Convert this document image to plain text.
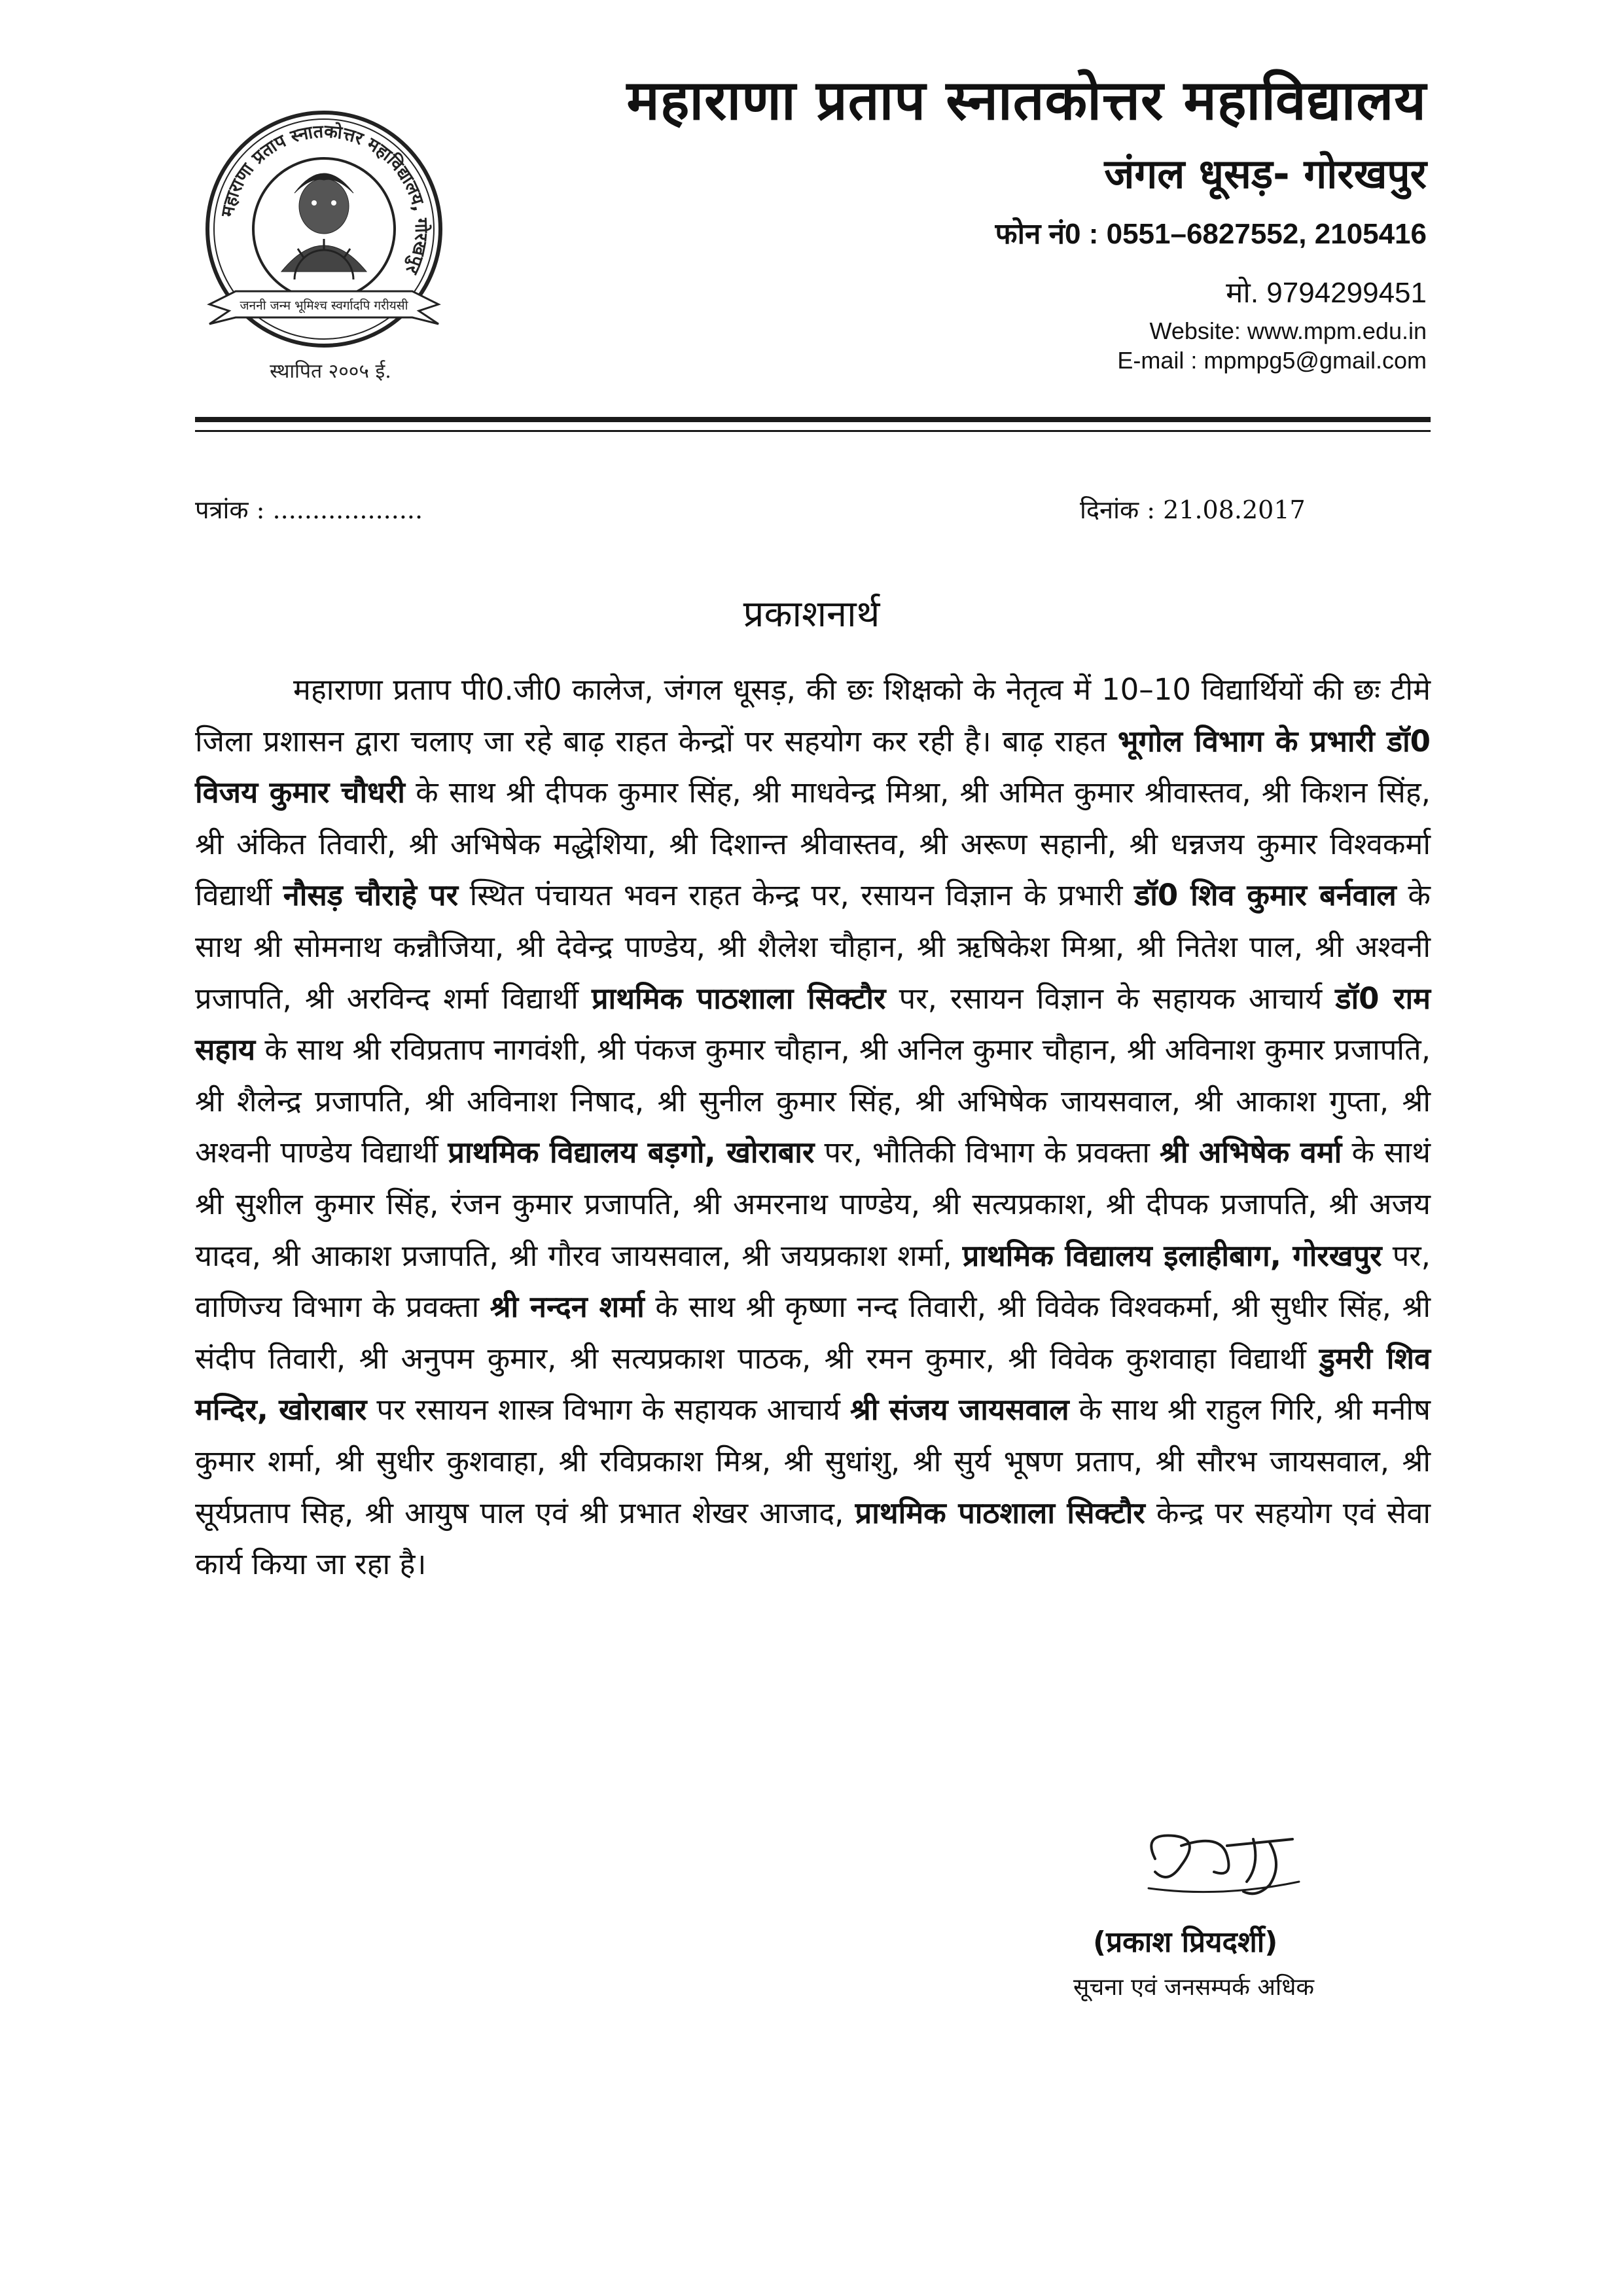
महाराणा प्रताप स्नातकोत्तर महाविद्यालय, गोरखपुर
जननी जन्म भूमिश्च स्वर्गादपि गरीयसी
स्थापित २००५ ई.
महाराणा प्रताप स्नातकोत्तर महाविद्यालय
जंगल धूसड़- गोरखपुर
फोन नं0 : 0551–6827552, 2105416
मो. 9794299451
Website: www.mpm.edu.in
E-mail : mpmpg5@gmail.com
पत्रांक : ...................	दिनांक : 21.08.2017
प्रकाशनार्थ
महाराणा प्रताप पी0.जी0 कालेज, जंगल धूसड़, की छः शिक्षको के नेतृत्व में 10–10 विद्यार्थियों की छः टीमे जिला प्रशासन द्वारा चलाए जा रहे बाढ़ राहत केन्द्रों पर सहयोग कर रही है। बाढ़ राहत भूगोल विभाग के प्रभारी डॉ0 विजय कुमार चौधरी के साथ श्री दीपक कुमार सिंह, श्री माधवेन्द्र मिश्रा, श्री अमित कुमार श्रीवास्तव, श्री किशन सिंह, श्री अंकित तिवारी, श्री अभिषेक मद्धेशिया, श्री दिशान्त श्रीवास्तव, श्री अरूण सहानी, श्री धन्नजय कुमार विश्वकर्मा विद्यार्थी नौसड़ चौराहे पर स्थित पंचायत भवन राहत केन्द्र पर, रसायन विज्ञान के प्रभारी डॉ0 शिव कुमार बर्नवाल के साथ श्री सोमनाथ कन्नौजिया, श्री देवेन्द्र पाण्डेय, श्री शैलेश चौहान, श्री ऋषिकेश मिश्रा, श्री नितेश पाल, श्री अश्वनी प्रजापति, श्री अरविन्द शर्मा विद्यार्थी प्राथमिक पाठशाला सिक्टौर पर, रसायन विज्ञान के सहायक आचार्य डॉ0 राम सहाय के साथ श्री रविप्रताप नागवंशी, श्री पंकज कुमार चौहान, श्री अनिल कुमार चौहान, श्री अविनाश कुमार प्रजापति, श्री शैलेन्द्र प्रजापति, श्री अविनाश निषाद, श्री सुनील कुमार सिंह, श्री अभिषेक जायसवाल, श्री आकाश गुप्ता, श्री अश्वनी पाण्डेय विद्यार्थी प्राथमिक विद्यालय बड़गो, खोराबार पर, भौतिकी विभाग के प्रवक्ता श्री अभिषेक वर्मा के साथं श्री सुशील कुमार सिंह, रंजन कुमार प्रजापति, श्री अमरनाथ पाण्डेय, श्री सत्यप्रकाश, श्री दीपक प्रजापति, श्री अजय यादव, श्री आकाश प्रजापति, श्री गौरव जायसवाल, श्री जयप्रकाश शर्मा, प्राथमिक विद्यालय इलाहीबाग, गोरखपुर पर, वाणिज्य विभाग के प्रवक्ता श्री नन्दन शर्मा के साथ श्री कृष्णा नन्द तिवारी, श्री विवेक विश्वकर्मा, श्री सुधीर सिंह, श्री संदीप तिवारी, श्री अनुपम कुमार, श्री सत्यप्रकाश पाठक, श्री रमन कुमार, श्री विवेक कुशवाहा विद्यार्थी डुमरी शिव मन्दिर, खोराबार पर रसायन शास्त्र विभाग के सहायक आचार्य श्री संजय जायसवाल के साथ श्री राहुल गिरि, श्री मनीष कुमार शर्मा, श्री सुधीर कुशवाहा, श्री रविप्रकाश मिश्र, श्री सुधांशु, श्री सुर्य भूषण प्रताप, श्री सौरभ जायसवाल, श्री सूर्यप्रताप सिह, श्री आयुष पाल एवं श्री प्रभात शेखर आजाद, प्राथमिक पाठशाला सिक्टौर केन्द्र पर सहयोग एवं सेवा कार्य किया जा रहा है।
(प्रकाश प्रियदर्शी)
सूचना एवं जनसम्पर्क अधिक
